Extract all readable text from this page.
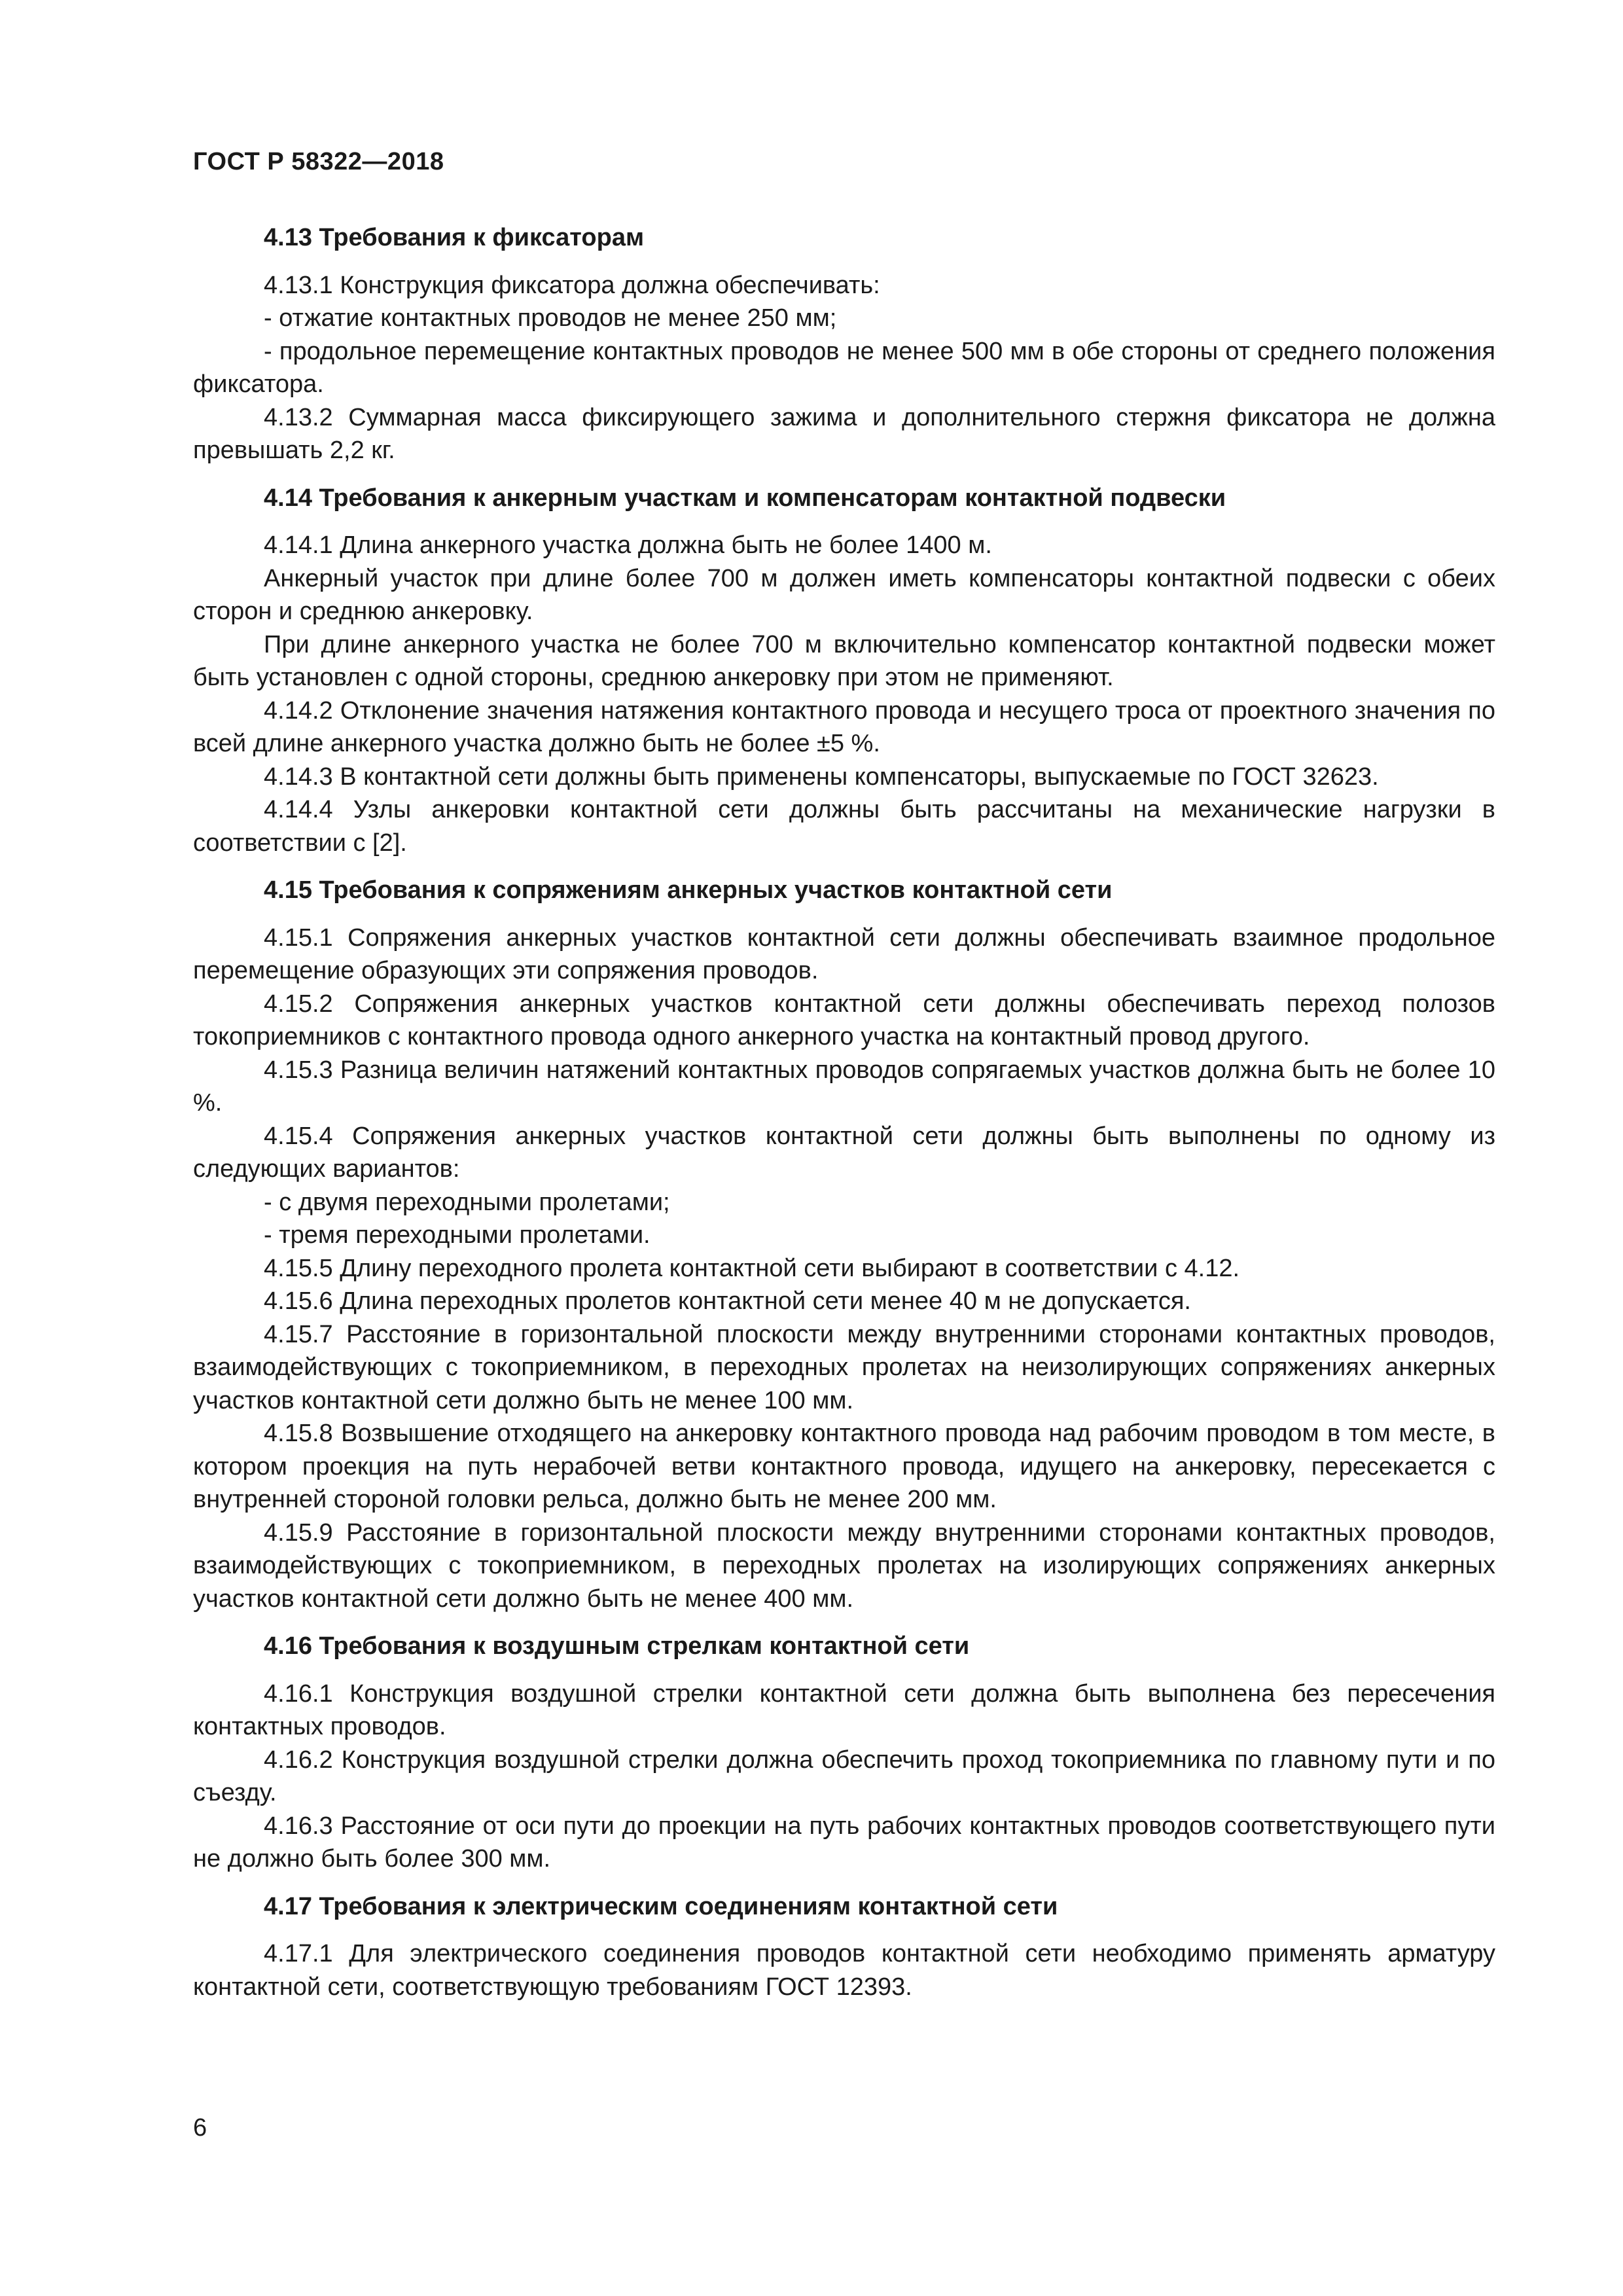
ГОСТ Р 58322—2018
4.13 Требования к фиксаторам

4.13.1 Конструкция фиксатора должна обеспечивать:

- отжатие контактных проводов не менее 250 мм;

- продольное перемещение контактных проводов не менее 500 мм в обе стороны от среднего положения фиксатора.

4.13.2 Суммарная масса фиксирующего зажима и дополнительного стержня фиксатора не должна превышать 2,2 кг.

4.14 Требования к анкерным участкам и компенсаторам контактной подвески

4.14.1 Длина анкерного участка должна быть не более 1400 м.

Анкерный участок при длине более 700 м должен иметь компенсаторы контактной подвески с обеих сторон и среднюю анкеровку.

При длине анкерного участка не более 700 м включительно компенсатор контактной подвески может быть установлен с одной стороны, среднюю анкеровку при этом не применяют.

4.14.2 Отклонение значения натяжения контактного провода и несущего троса от проектного значения по всей длине анкерного участка должно быть не более ±5 %.

4.14.3 В контактной сети должны быть применены компенсаторы, выпускаемые по ГОСТ 32623.

4.14.4 Узлы анкеровки контактной сети должны быть рассчитаны на механические нагрузки в соответствии с [2].

4.15 Требования к сопряжениям анкерных участков контактной сети

4.15.1 Сопряжения анкерных участков контактной сети должны обеспечивать взаимное продольное перемещение образующих эти сопряжения проводов.

4.15.2 Сопряжения анкерных участков контактной сети должны обеспечивать переход полозов токоприемников с контактного провода одного анкерного участка на контактный провод другого.

4.15.3 Разница величин натяжений контактных проводов сопрягаемых участков должна быть не более 10 %.

4.15.4 Сопряжения анкерных участков контактной сети должны быть выполнены по одному из следующих вариантов:

- с двумя переходными пролетами;

- тремя переходными пролетами.

4.15.5 Длину переходного пролета контактной сети выбирают в соответствии с 4.12.

4.15.6 Длина переходных пролетов контактной сети менее 40 м не допускается.

4.15.7 Расстояние в горизонтальной плоскости между внутренними сторонами контактных проводов, взаимодействующих с токоприемником, в переходных пролетах на неизолирующих сопряжениях анкерных участков контактной сети должно быть не менее 100 мм.

4.15.8 Возвышение отходящего на анкеровку контактного провода над рабочим проводом в том месте, в котором проекция на путь нерабочей ветви контактного провода, идущего на анкеровку, пересекается с внутренней стороной головки рельса, должно быть не менее 200 мм.

4.15.9 Расстояние в горизонтальной плоскости между внутренними сторонами контактных проводов, взаимодействующих с токоприемником, в переходных пролетах на изолирующих сопряжениях анкерных участков контактной сети должно быть не менее 400 мм.

4.16 Требования к воздушным стрелкам контактной сети

4.16.1 Конструкция воздушной стрелки контактной сети должна быть выполнена без пересечения контактных проводов.

4.16.2 Конструкция воздушной стрелки должна обеспечить проход токоприемника по главному пути и по съезду.

4.16.3 Расстояние от оси пути до проекции на путь рабочих контактных проводов соответствующего пути не должно быть более 300 мм.

4.17 Требования к электрическим соединениям контактной сети

4.17.1 Для электрического соединения проводов контактной сети необходимо применять арматуру контактной сети, соответствующую требованиям ГОСТ 12393.

6
